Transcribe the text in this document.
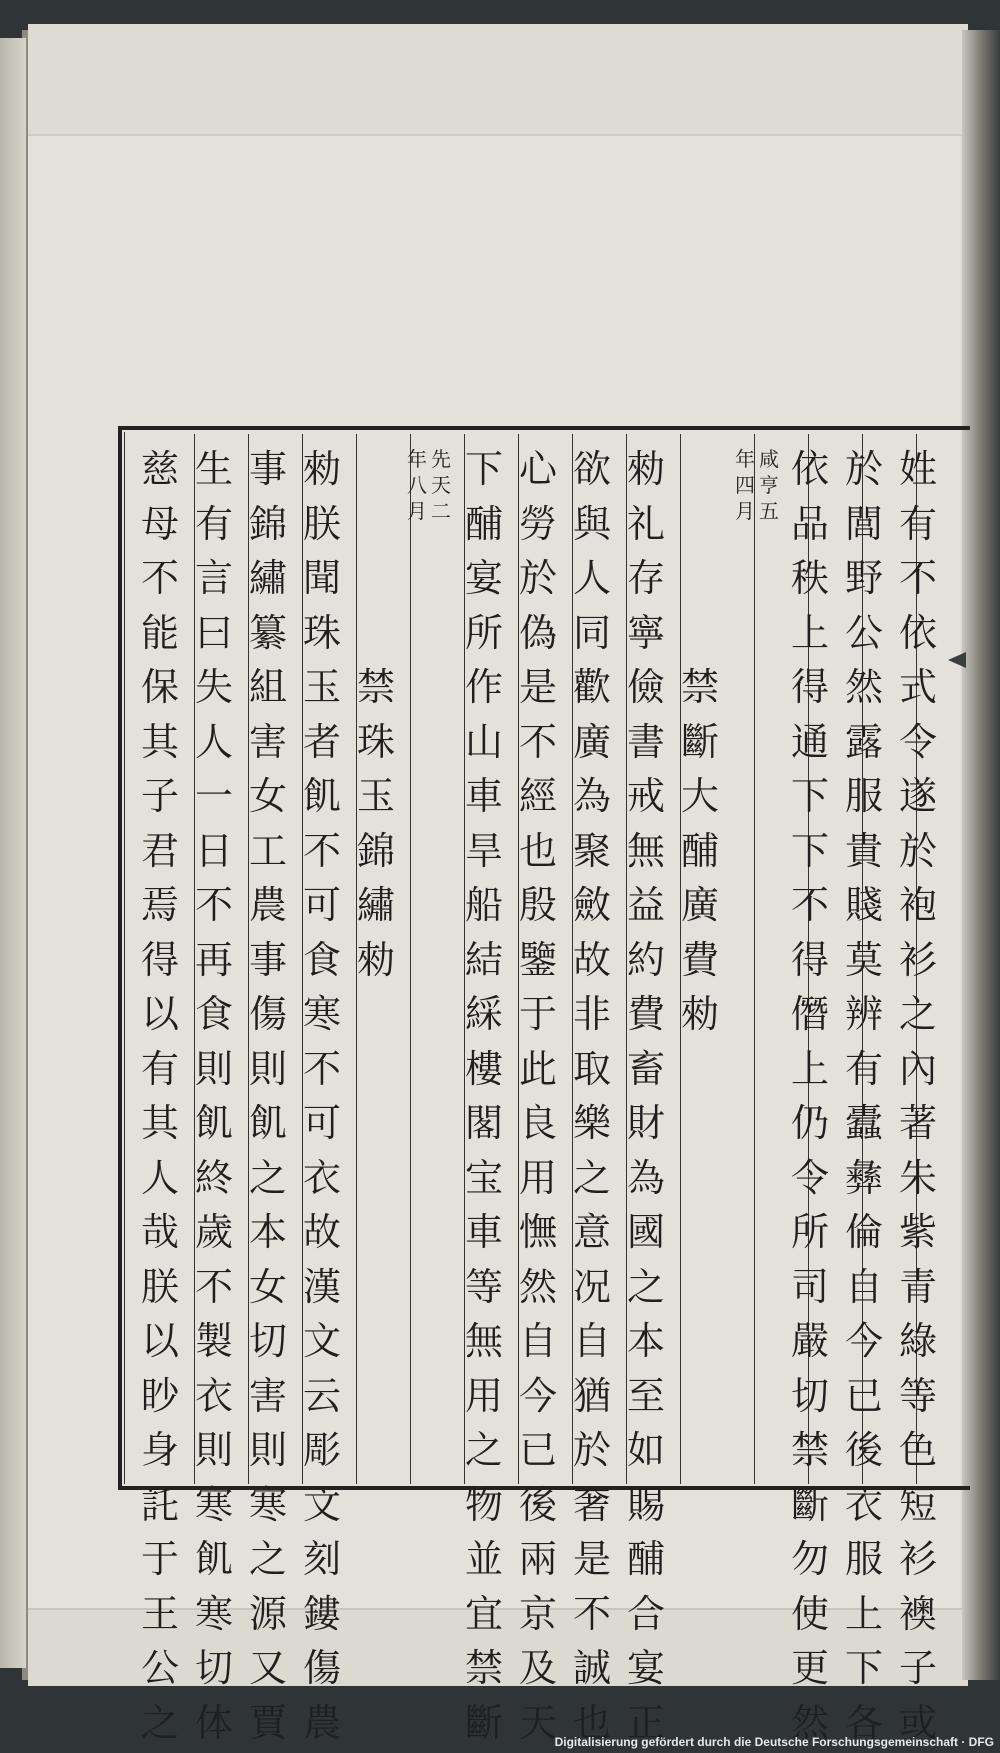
姓
有
不
依
式
令
遂
於
袍
衫
之
內
著
朱
紫
青
綠
等
色
短
衫
襖
子
或
於
閭
野
公
然
露
服
貴
賤
莫
辨
有
蠹
彝
倫
自
今
已
後
衣
服
上
下
各
依
品
秩
上
得
通
下
下
不
得
僭
上
仍
令
所
司
嚴
切
禁
斷
勿
使
更
然
禁
斷
大
酺
廣
費
勑
勑
礼
存
寧
儉
書
戒
無
益
約
費
畜
財
為
國
之
本
至
如
賜
酺
合
宴
正
欲
與
人
同
歡
廣
為
聚
斂
故
非
取
樂
之
意
况
自
猶
於
奢
是
不
誠
也
心
勞
於
偽
是
不
經
也
殷
鑒
于
此
良
用
憮
然
自
今
已
後
兩
京
及
天
下
酺
宴
所
作
山
車
旱
船
結
綵
樓
閣
宝
車
等
無
用
之
物
並
宜
禁
斷
禁
珠
玉
錦
繡
勑
勑
朕
聞
珠
玉
者
飢
不
可
食
寒
不
可
衣
故
漢
文
云
彫
文
刻
鏤
傷
農
事
錦
繡
纂
組
害
女
工
農
事
傷
則
飢
之
本
女
切
害
則
寒
之
源
又
賈
生
有
言
曰
失
人
一
日
不
再
食
則
飢
終
歲
不
製
衣
則
寒
飢
寒
切
体
慈
母
不
能
保
其
子
君
焉
得
以
有
其
人
哉
朕
以
眇
身
託
于
王
公
之
咸
亨
五
年
四
月
先
天
二
年
八
月
Digitalisierung gefördert durch die Deutsche Forschungsgemeinschaft · DFG
